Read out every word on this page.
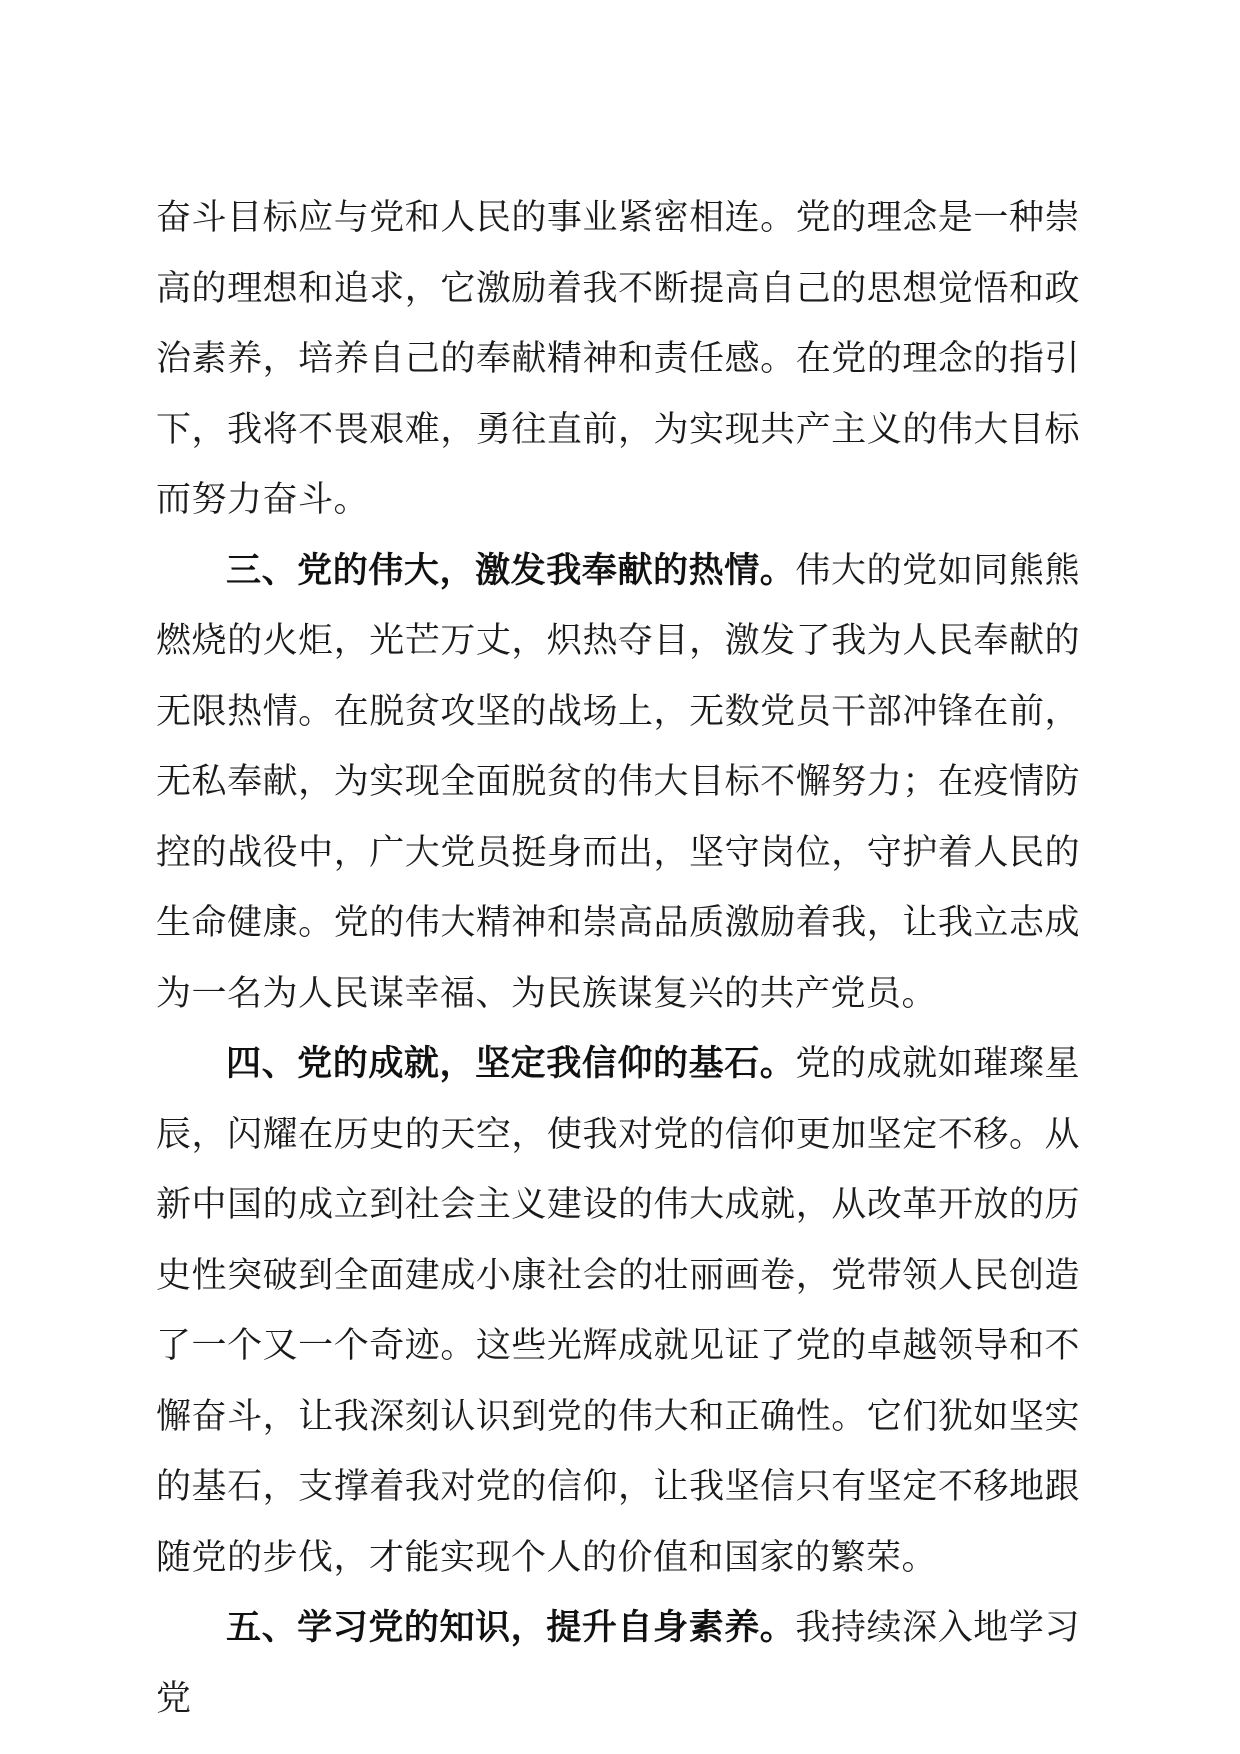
奋斗目标应与党和人民的事业紧密相连。党的理念是一种崇高的理想和追求，它激励着我不断提高自己的思想觉悟和政治素养，培养自己的奉献精神和责任感。在党的理念的指引下，我将不畏艰难，勇往直前，为实现共产主义的伟大目标而努力奋斗。

三、党的伟大，激发我奉献的热情。伟大的党如同熊熊燃烧的火炬，光芒万丈，炽热夺目，激发了我为人民奉献的无限热情。在脱贫攻坚的战场上，无数党员干部冲锋在前，无私奉献，为实现全面脱贫的伟大目标不懈努力；在疫情防控的战役中，广大党员挺身而出，坚守岗位，守护着人民的生命健康。党的伟大精神和崇高品质激励着我，让我立志成为一名为人民谋幸福、为民族谋复兴的共产党员。

四、党的成就，坚定我信仰的基石。党的成就如璀璨星辰，闪耀在历史的天空，使我对党的信仰更加坚定不移。从新中国的成立到社会主义建设的伟大成就，从改革开放的历史性突破到全面建成小康社会的壮丽画卷，党带领人民创造了一个又一个奇迹。这些光辉成就见证了党的卓越领导和不懈奋斗，让我深刻认识到党的伟大和正确性。它们犹如坚实的基石，支撑着我对党的信仰，让我坚信只有坚定不移地跟随党的步伐，才能实现个人的价值和国家的繁荣。

五、学习党的知识，提升自身素养。我持续深入地学习党
